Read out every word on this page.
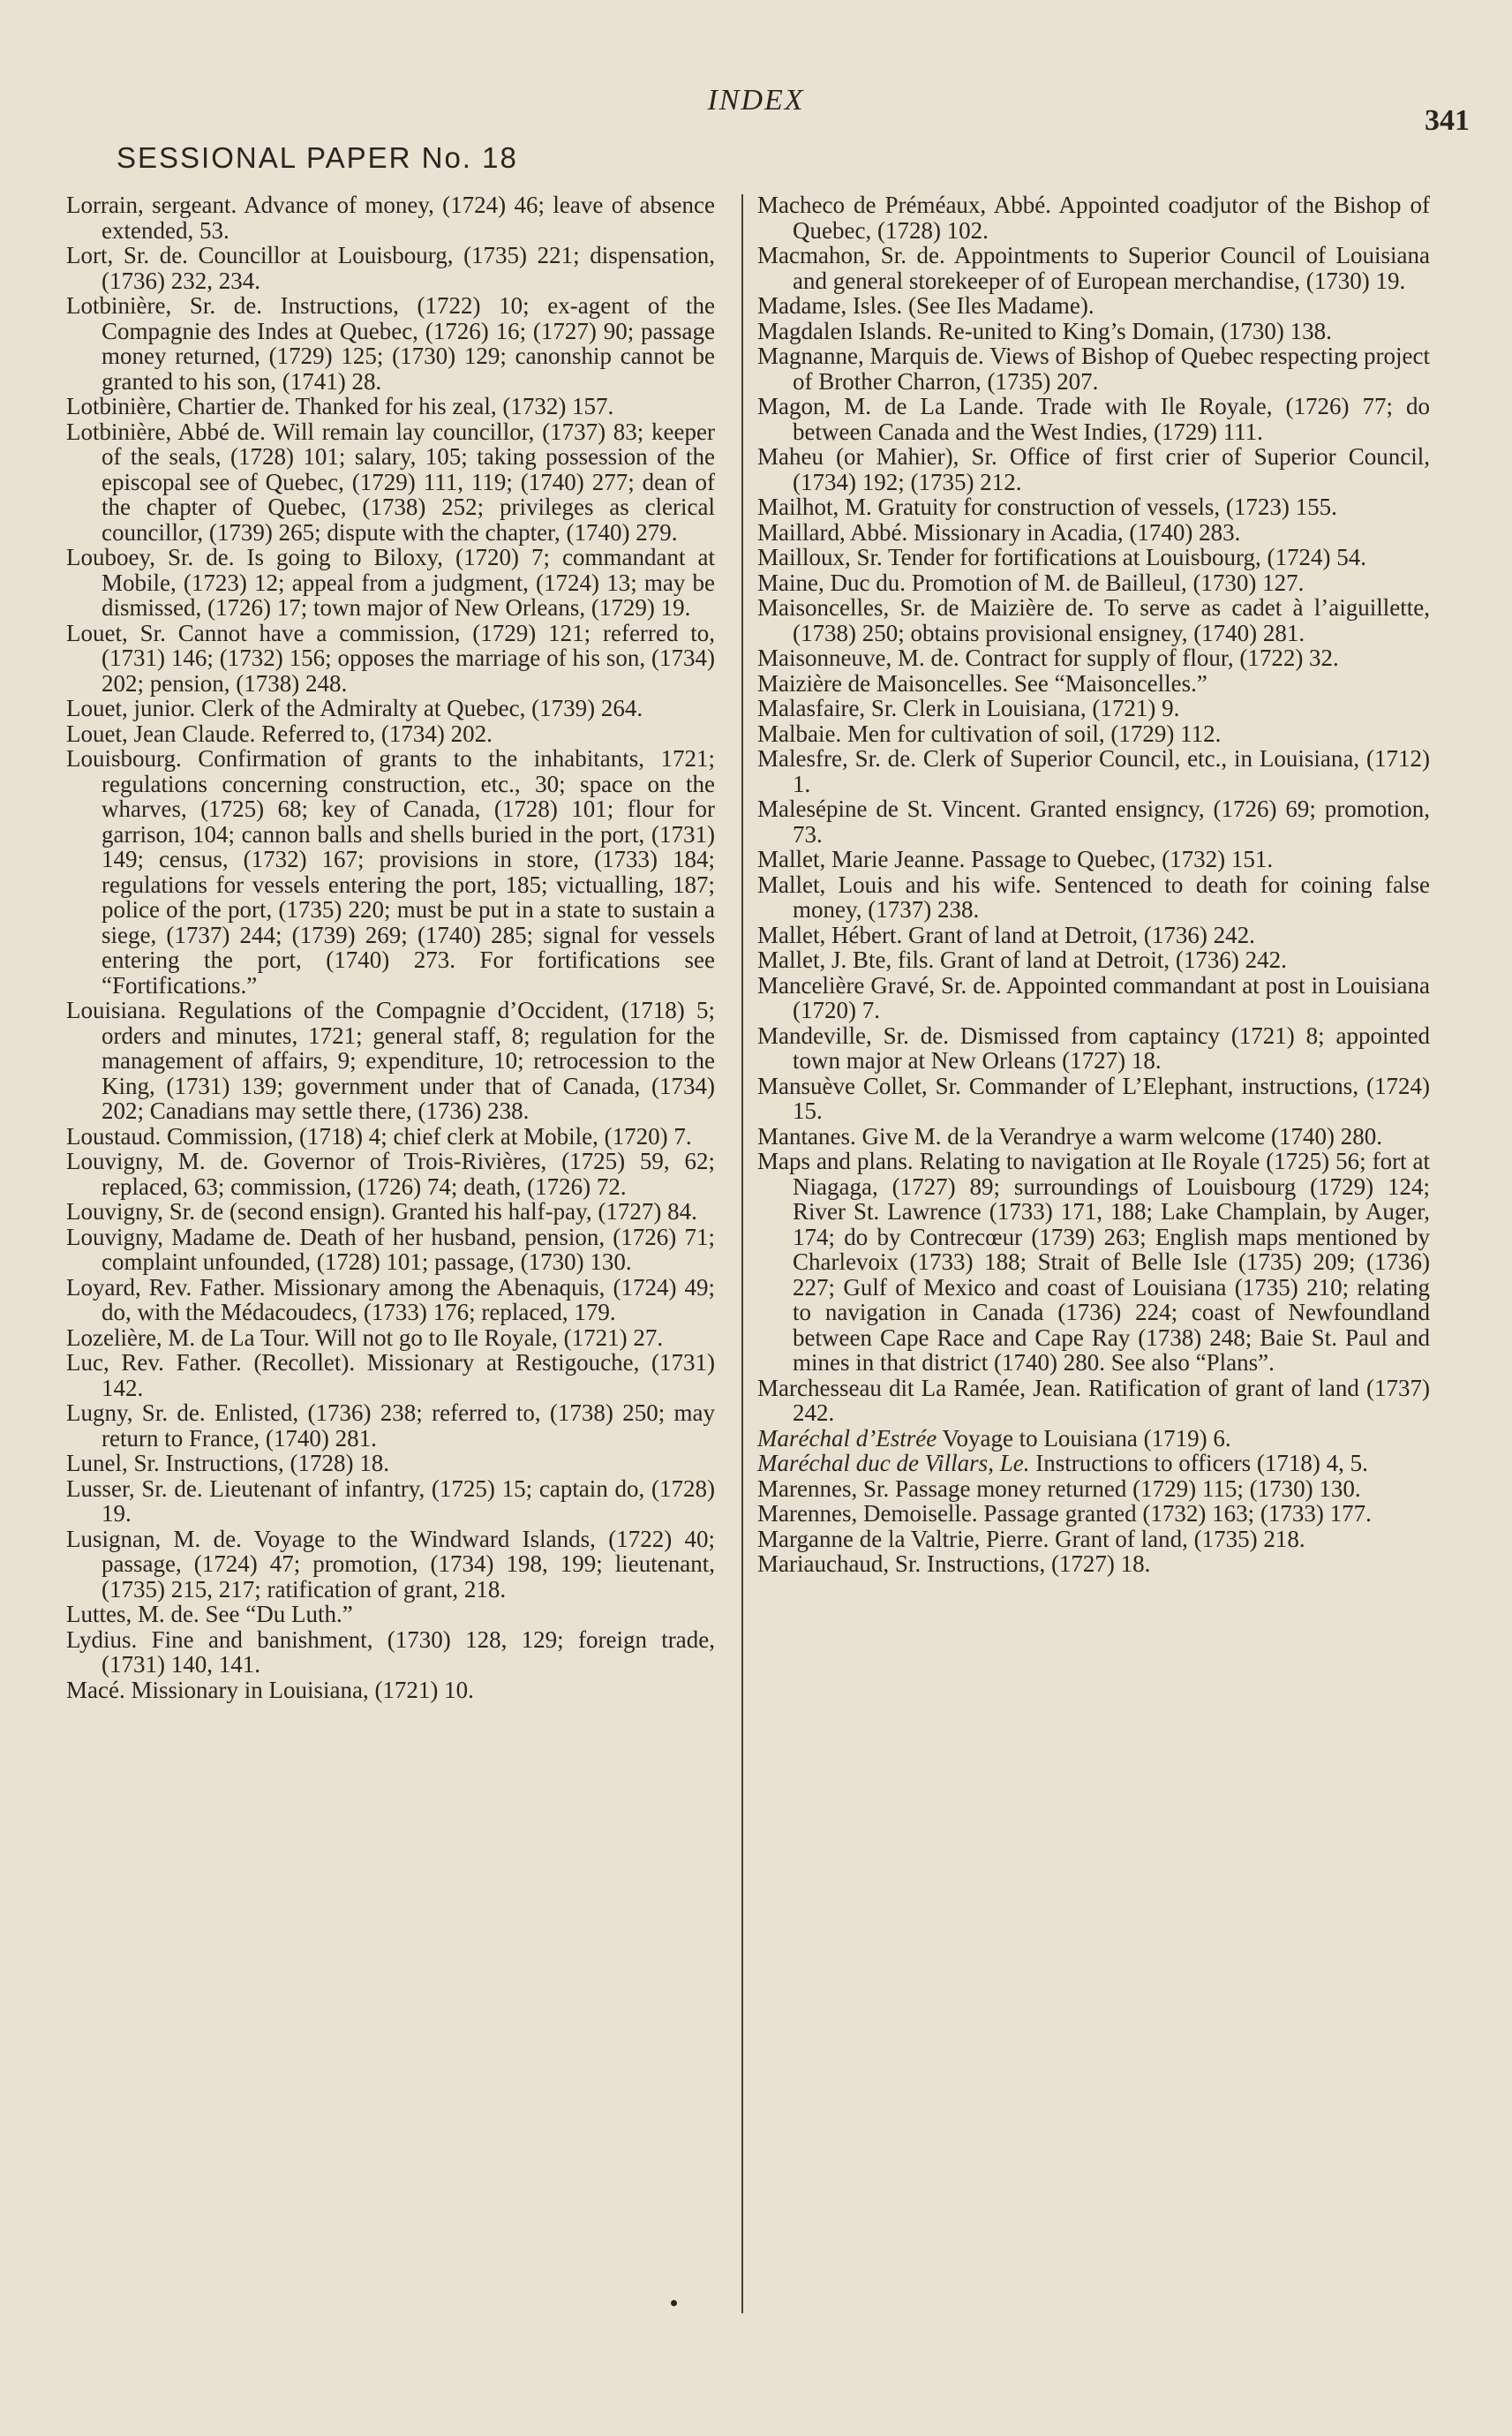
INDEX
341
SESSIONAL PAPER No. 18

Lorrain, sergeant. Advance of money, (1724) 46; leave of absence extended, 53.

Lort, Sr. de. Councillor at Louisbourg, (1735) 221; dispensation, (1736) 232, 234.

Lotbinière, Sr. de. Instructions, (1722) 10; ex-agent of the Compagnie des Indes at Quebec, (1726) 16; (1727) 90; passage money returned, (1729) 125; (1730) 129; canonship cannot be granted to his son, (1741) 28.

Lotbinière, Chartier de. Thanked for his zeal, (1732) 157.

Lotbinière, Abbé de. Will remain lay councillor, (1737) 83; keeper of the seals, (1728) 101; salary, 105; taking possession of the episcopal see of Quebec, (1729) 111, 119; (1740) 277; dean of the chapter of Quebec, (1738) 252; privileges as clerical councillor, (1739) 265; dispute with the chapter, (1740) 279.

Louboey, Sr. de. Is going to Biloxy, (1720) 7; commandant at Mobile, (1723) 12; appeal from a judgment, (1724) 13; may be dismissed, (1726) 17; town major of New Orleans, (1729) 19.

Louet, Sr. Cannot have a commission, (1729) 121; referred to, (1731) 146; (1732) 156; opposes the marriage of his son, (1734) 202; pension, (1738) 248.

Louet, junior. Clerk of the Admiralty at Quebec, (1739) 264.

Louet, Jean Claude. Referred to, (1734) 202.

Louisbourg. Confirmation of grants to the inhabitants, 1721; regulations concerning construction, etc., 30; space on the wharves, (1725) 68; key of Canada, (1728) 101; flour for garrison, 104; cannon balls and shells buried in the port, (1731) 149; census, (1732) 167; provisions in store, (1733) 184; regulations for vessels entering the port, 185; victualling, 187; police of the port, (1735) 220; must be put in a state to sustain a siege, (1737) 244; (1739) 269; (1740) 285; signal for vessels entering the port, (1740) 273. For fortifications see “Fortifications.”

Louisiana. Regulations of the Compagnie d’Occident, (1718) 5; orders and minutes, 1721; general staff, 8; regulation for the management of affairs, 9; expenditure, 10; retrocession to the King, (1731) 139; government under that of Canada, (1734) 202; Canadians may settle there, (1736) 238.

Loustaud. Commission, (1718) 4; chief clerk at Mobile, (1720) 7.

Louvigny, M. de. Governor of Trois-Rivières, (1725) 59, 62; replaced, 63; commission, (1726) 74; death, (1726) 72.

Louvigny, Sr. de (second ensign). Granted his half-pay, (1727) 84.

Louvigny, Madame de. Death of her husband, pension, (1726) 71; complaint unfounded, (1728) 101; passage, (1730) 130.

Loyard, Rev. Father. Missionary among the Abenaquis, (1724) 49; do, with the Médacoudecs, (1733) 176; replaced, 179.

Lozelière, M. de La Tour. Will not go to Ile Royale, (1721) 27.

Luc, Rev. Father. (Recollet). Missionary at Restigouche, (1731) 142.

Lugny, Sr. de. Enlisted, (1736) 238; referred to, (1738) 250; may return to France, (1740) 281.

Lunel, Sr. Instructions, (1728) 18.

Lusser, Sr. de. Lieutenant of infantry, (1725) 15; captain do, (1728) 19.

Lusignan, M. de. Voyage to the Windward Islands, (1722) 40; passage, (1724) 47; promotion, (1734) 198, 199; lieutenant, (1735) 215, 217; ratification of grant, 218.

Luttes, M. de. See “Du Luth.”

Lydius. Fine and banishment, (1730) 128, 129; foreign trade, (1731) 140, 141.

Macé. Missionary in Louisiana, (1721) 10.

Macheco de Préméaux, Abbé. Appointed coadjutor of the Bishop of Quebec, (1728) 102.

Macmahon, Sr. de. Appointments to Superior Council of Louisiana and general storekeeper of of European merchandise, (1730) 19.

Madame, Isles. (See Iles Madame).

Magdalen Islands. Re-united to King’s Domain, (1730) 138.

Magnanne, Marquis de. Views of Bishop of Quebec respecting project of Brother Charron, (1735) 207.

Magon, M. de La Lande. Trade with Ile Royale, (1726) 77; do between Canada and the West Indies, (1729) 111.

Maheu (or Mahier), Sr. Office of first crier of Superior Council, (1734) 192; (1735) 212.

Mailhot, M. Gratuity for construction of vessels, (1723) 155.

Maillard, Abbé. Missionary in Acadia, (1740) 283.

Mailloux, Sr. Tender for fortifications at Louisbourg, (1724) 54.

Maine, Duc du. Promotion of M. de Bailleul, (1730) 127.

Maisoncelles, Sr. de Maizière de. To serve as cadet à l’aiguillette, (1738) 250; obtains provisional ensigney, (1740) 281.

Maisonneuve, M. de. Contract for supply of flour, (1722) 32.

Maizière de Maisoncelles. See “Maisoncelles.”

Malasfaire, Sr. Clerk in Louisiana, (1721) 9.

Malbaie. Men for cultivation of soil, (1729) 112.

Malesfre, Sr. de. Clerk of Superior Council, etc., in Louisiana, (1712) 1.

Malesépine de St. Vincent. Granted ensigncy, (1726) 69; promotion, 73.

Mallet, Marie Jeanne. Passage to Quebec, (1732) 151.

Mallet, Louis and his wife. Sentenced to death for coining false money, (1737) 238.

Mallet, Hébert. Grant of land at Detroit, (1736) 242.

Mallet, J. Bte, fils. Grant of land at Detroit, (1736) 242.

Mancelière Gravé, Sr. de. Appointed commandant at post in Louisiana (1720) 7.

Mandeville, Sr. de. Dismissed from captaincy (1721) 8; appointed town major at New Orleans (1727) 18.

Mansuève Collet, Sr. Commander of L’Elephant, instructions, (1724) 15.

Mantanes. Give M. de la Verandrye a warm welcome (1740) 280.

Maps and plans. Relating to navigation at Ile Royale (1725) 56; fort at Niagaga, (1727) 89; surroundings of Louisbourg (1729) 124; River St. Lawrence (1733) 171, 188; Lake Champlain, by Auger, 174; do by Contrecœur (1739) 263; English maps mentioned by Charlevoix (1733) 188; Strait of Belle Isle (1735) 209; (1736) 227; Gulf of Mexico and coast of Louisiana (1735) 210; relating to navigation in Canada (1736) 224; coast of Newfoundland between Cape Race and Cape Ray (1738) 248; Baie St. Paul and mines in that district (1740) 280. See also “Plans”.

Marchesseau dit La Ramée, Jean. Ratification of grant of land (1737) 242.

Maréchal d’Estrée Voyage to Louisiana (1719) 6.

Maréchal duc de Villars, Le. Instructions to officers (1718) 4, 5.

Marennes, Sr. Passage money returned (1729) 115; (1730) 130.

Marennes, Demoiselle. Passage granted (1732) 163; (1733) 177.

Marganne de la Valtrie, Pierre. Grant of land, (1735) 218.

Mariauchaud, Sr. Instructions, (1727) 18.
